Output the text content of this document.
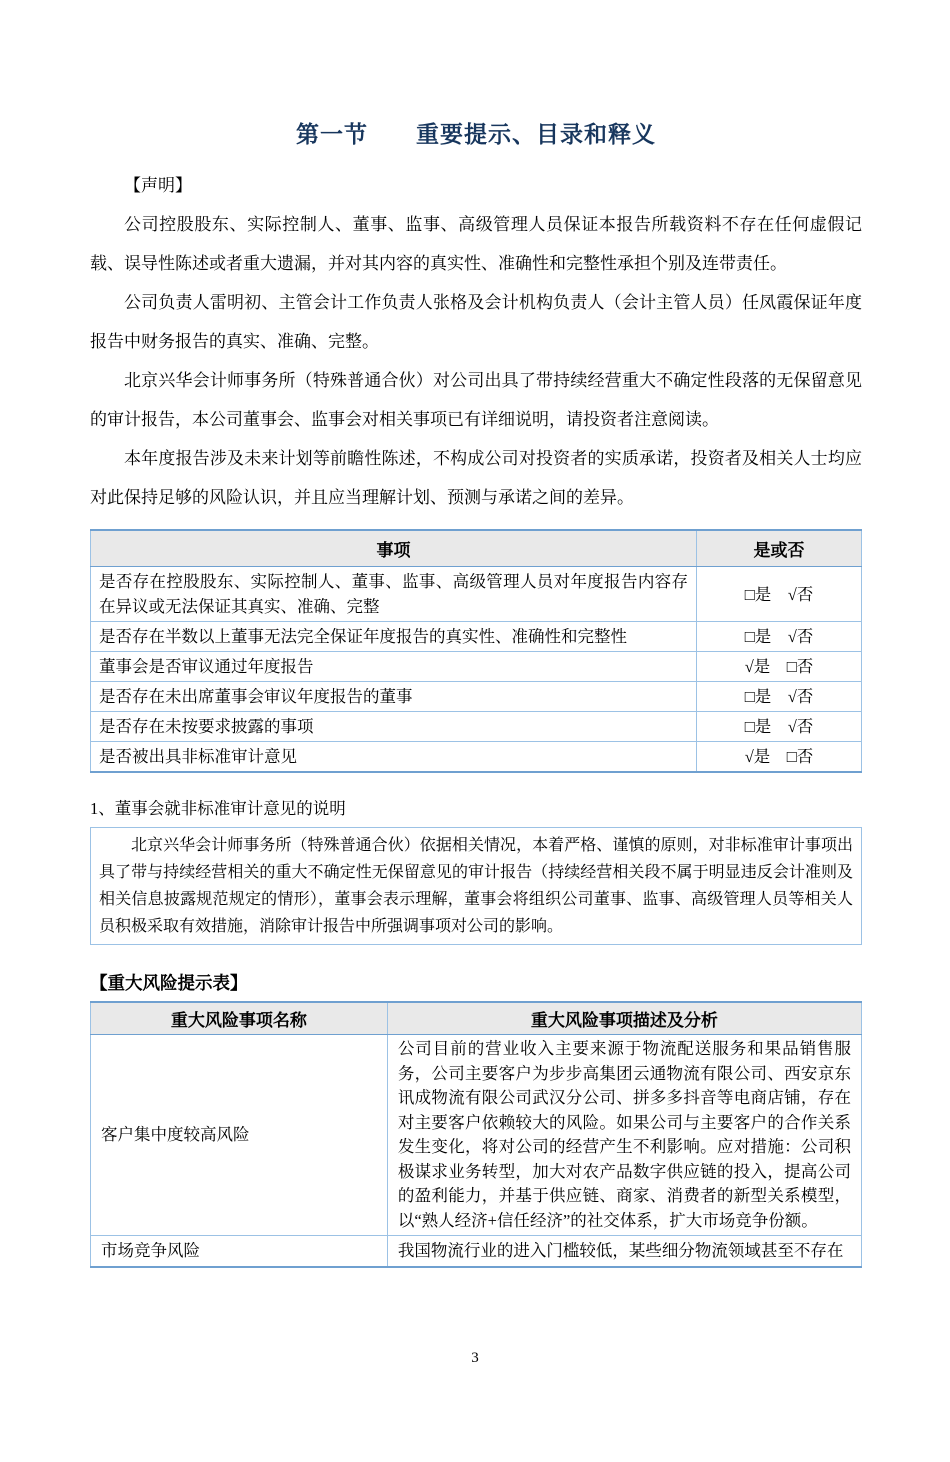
第一节　　重要提示、目录和释义
【声明】
公司控股股东、实际控制人、董事、监事、高级管理人员保证本报告所载资料不存在任何虚假记载、误导性陈述或者重大遗漏，并对其内容的真实性、准确性和完整性承担个别及连带责任。
公司负责人雷明初、主管会计工作负责人张格及会计机构负责人（会计主管人员）任凤霞保证年度报告中财务报告的真实、准确、完整。
北京兴华会计师事务所（特殊普通合伙）对公司出具了带持续经营重大不确定性段落的无保留意见的审计报告，本公司董事会、监事会对相关事项已有详细说明，请投资者注意阅读。
本年度报告涉及未来计划等前瞻性陈述，不构成公司对投资者的实质承诺，投资者及相关人士均应对此保持足够的风险认识，并且应当理解计划、预测与承诺之间的差异。
事项	是或否
是否存在控股股东、实际控制人、董事、监事、高级管理人员对年度报告内容存在异议或无法保证其真实、准确、完整	□是　√否
是否存在半数以上董事无法完全保证年度报告的真实性、准确性和完整性	□是　√否
董事会是否审议通过年度报告	√是　□否
是否存在未出席董事会审议年度报告的董事	□是　√否
是否存在未按要求披露的事项	□是　√否
是否被出具非标准审计意见	√是　□否
1、董事会就非标准审计意见的说明
北京兴华会计师事务所（特殊普通合伙）依据相关情况，本着严格、谨慎的原则，对非标准审计事项出具了带与持续经营相关的重大不确定性无保留意见的审计报告（持续经营相关段不属于明显违反会计准则及相关信息披露规范规定的情形），董事会表示理解，董事会将组织公司董事、监事、高级管理人员等相关人员积极采取有效措施，消除审计报告中所强调事项对公司的影响。
【重大风险提示表】
重大风险事项名称	重大风险事项描述及分析
客户集中度较高风险	公司目前的营业收入主要来源于物流配送服务和果品销售服务，公司主要客户为步步高集团云通物流有限公司、西安京东讯成物流有限公司武汉分公司、拼多多抖音等电商店铺，存在对主要客户依赖较大的风险。如果公司与主要客户的合作关系发生变化，将对公司的经营产生不利影响。应对措施：公司积极谋求业务转型，加大对农产品数字供应链的投入，提高公司的盈利能力，并基于供应链、商家、消费者的新型关系模型，以“熟人经济+信任经济”的社交体系，扩大市场竞争份额。
市场竞争风险	我国物流行业的进入门槛较低，某些细分物流领域甚至不存在
3
